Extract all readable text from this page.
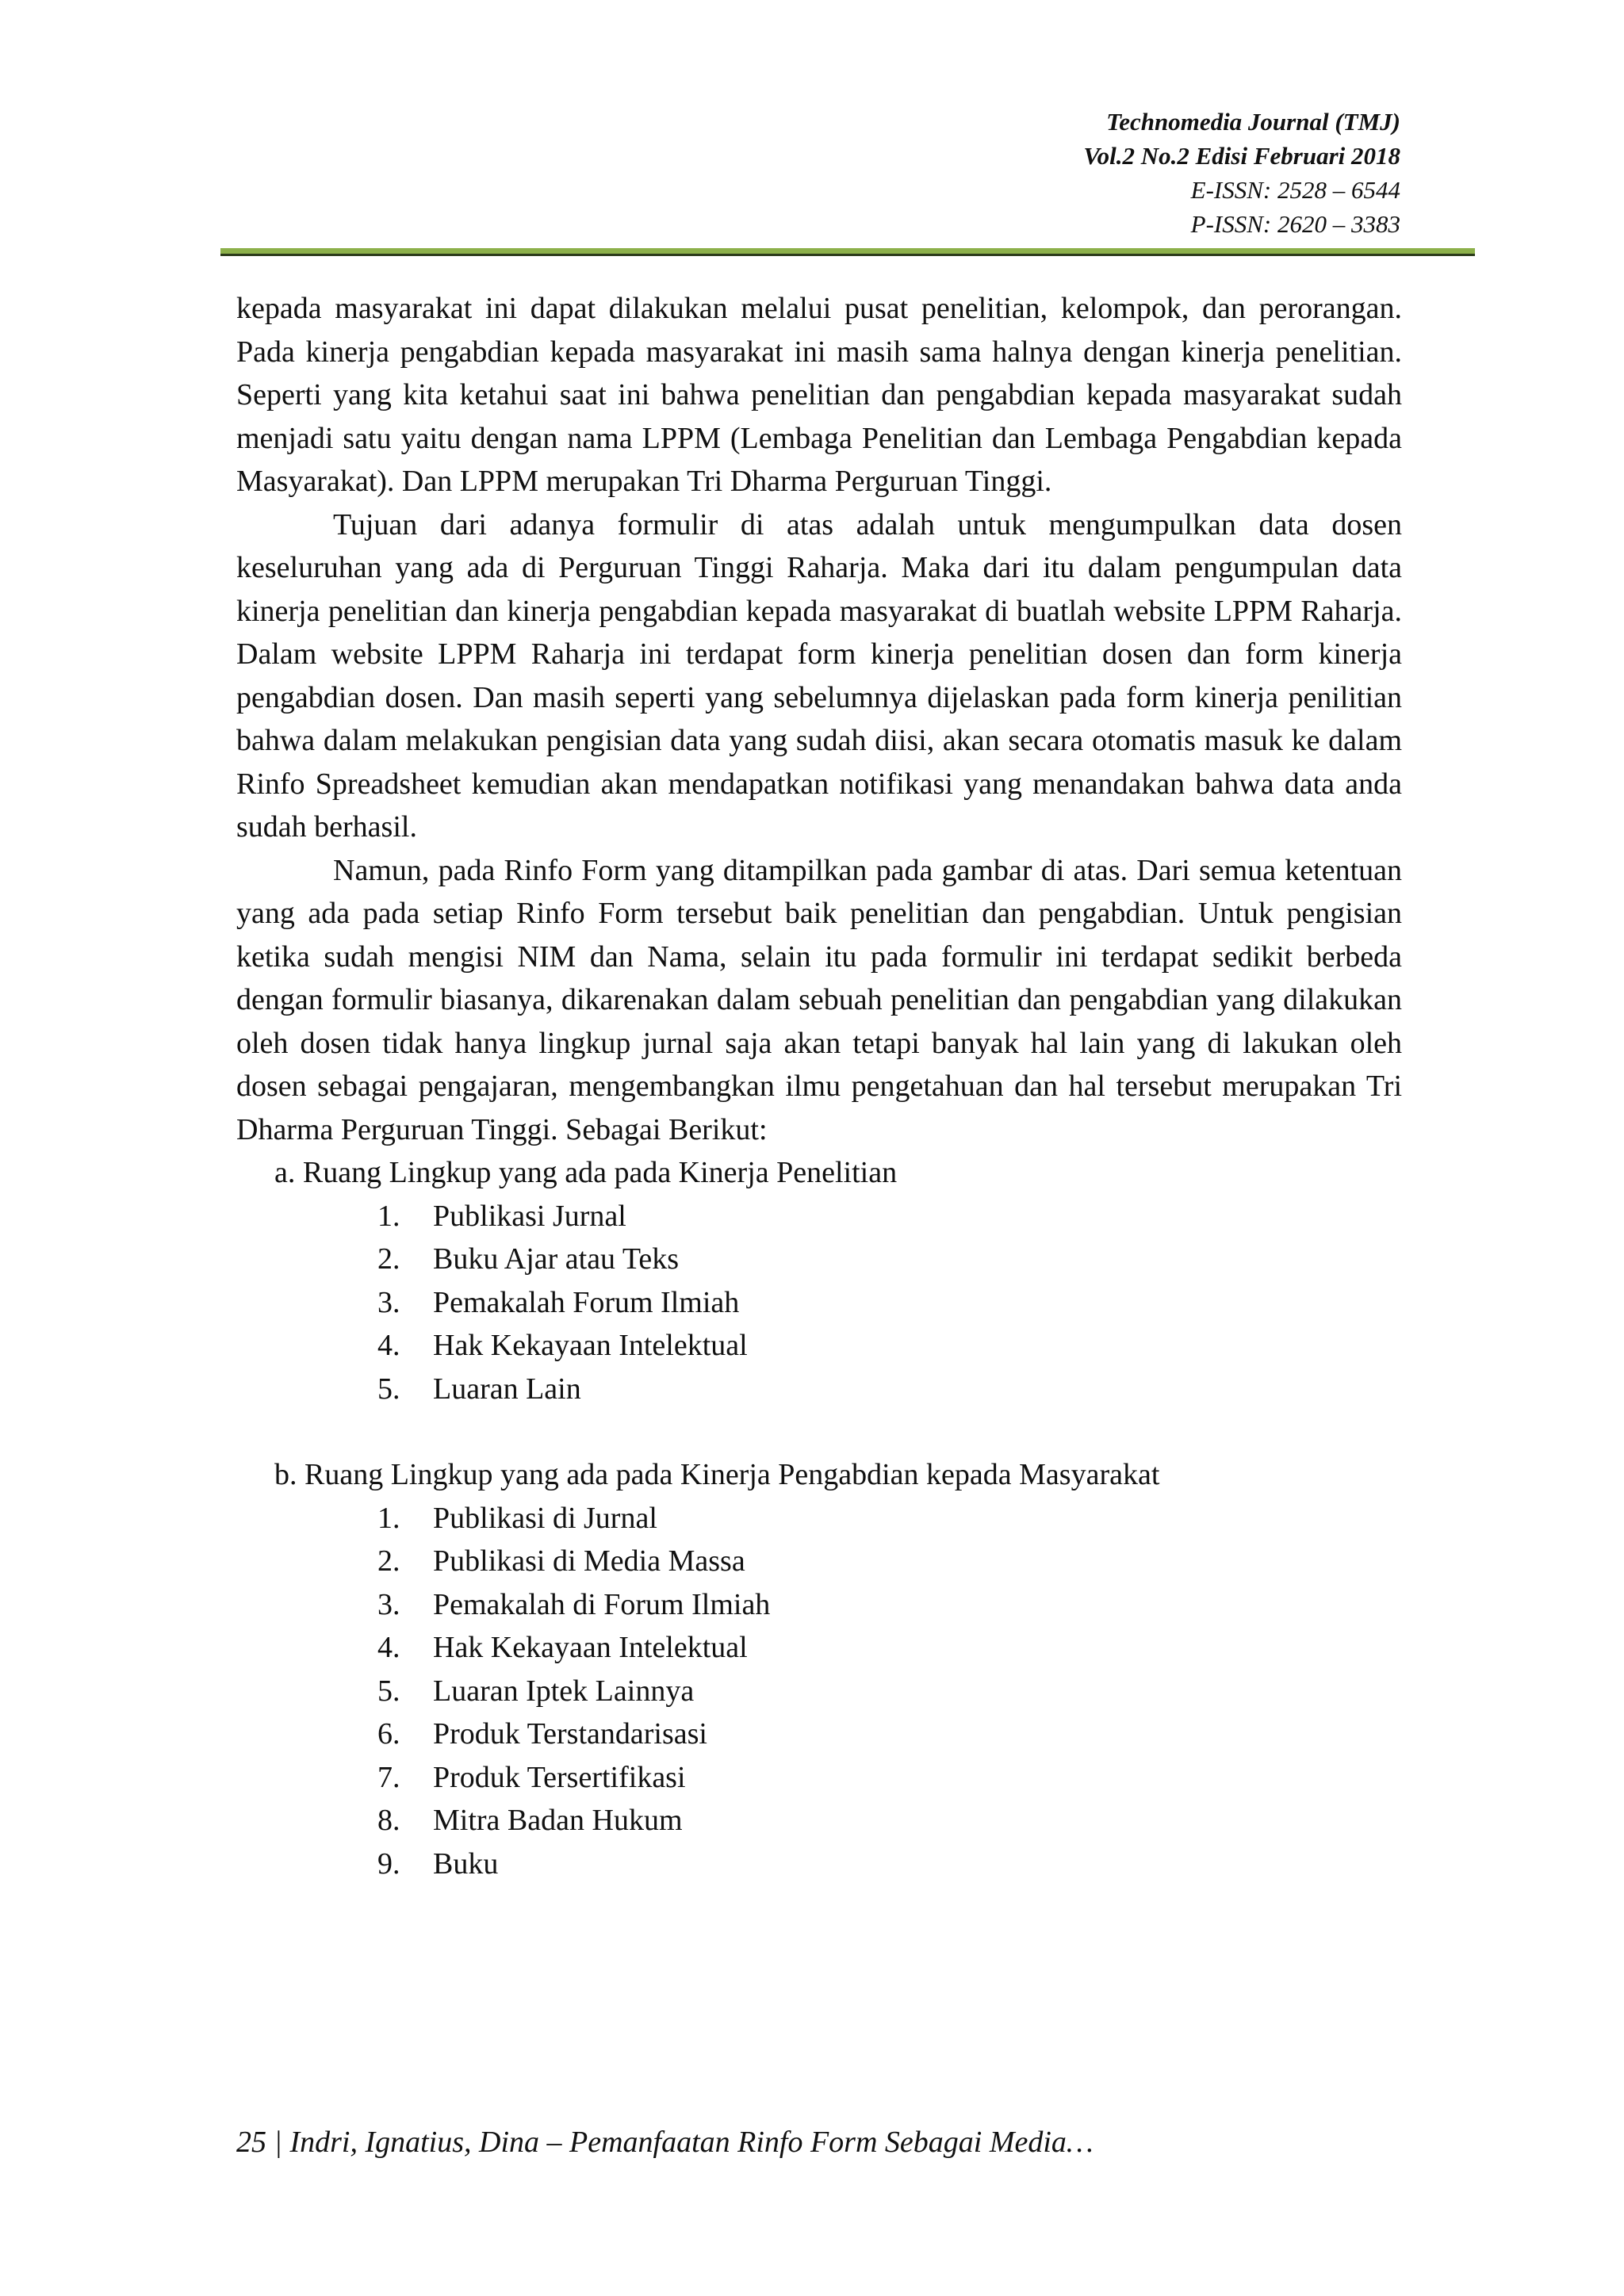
Technomedia Journal (TMJ)
Vol.2 No.2 Edisi Februari 2018
E-ISSN: 2528 – 6544
P-ISSN: 2620 – 3383

kepada masyarakat ini dapat dilakukan melalui pusat penelitian, kelompok, dan perorangan. Pada kinerja pengabdian kepada masyarakat ini masih sama halnya dengan kinerja penelitian. Seperti yang kita ketahui saat ini bahwa penelitian dan pengabdian kepada masyarakat sudah menjadi satu yaitu dengan nama LPPM (Lembaga Penelitian dan Lembaga Pengabdian kepada Masyarakat). Dan LPPM merupakan Tri Dharma Perguruan Tinggi.

Tujuan dari adanya formulir di atas adalah untuk mengumpulkan data dosen keseluruhan yang ada di Perguruan Tinggi Raharja. Maka dari itu dalam pengumpulan data kinerja penelitian dan kinerja pengabdian kepada masyarakat di buatlah website LPPM Raharja. Dalam website LPPM Raharja ini terdapat form kinerja penelitian dosen dan form kinerja pengabdian dosen. Dan masih seperti yang sebelumnya dijelaskan pada form kinerja penilitian bahwa dalam melakukan pengisian data yang sudah diisi, akan secara otomatis masuk ke dalam Rinfo Spreadsheet kemudian akan mendapatkan notifikasi yang menandakan bahwa data anda sudah berhasil.

Namun, pada Rinfo Form yang ditampilkan pada gambar di atas. Dari semua ketentuan yang ada pada setiap Rinfo Form tersebut baik penelitian dan pengabdian. Untuk pengisian ketika sudah mengisi NIM dan Nama, selain itu pada formulir ini terdapat sedikit berbeda dengan formulir biasanya, dikarenakan dalam sebuah penelitian dan pengabdian yang dilakukan oleh dosen tidak hanya lingkup jurnal saja akan tetapi banyak hal lain yang di lakukan oleh dosen sebagai pengajaran, mengembangkan ilmu pengetahuan dan hal tersebut merupakan Tri Dharma Perguruan Tinggi. Sebagai Berikut:

a. Ruang Lingkup yang ada pada Kinerja Penelitian
1. Publikasi Jurnal
2. Buku Ajar atau Teks
3. Pemakalah Forum Ilmiah
4. Hak Kekayaan Intelektual
5. Luaran Lain
b. Ruang Lingkup yang ada pada Kinerja Pengabdian kepada Masyarakat
1. Publikasi di Jurnal
2. Publikasi di Media Massa
3. Pemakalah di Forum Ilmiah
4. Hak Kekayaan Intelektual
5. Luaran Iptek Lainnya
6. Produk Terstandarisasi
7. Produk Tersertifikasi
8. Mitra Badan Hukum
9. Buku
25 | Indri, Ignatius, Dina – Pemanfaatan Rinfo Form Sebagai Media…
